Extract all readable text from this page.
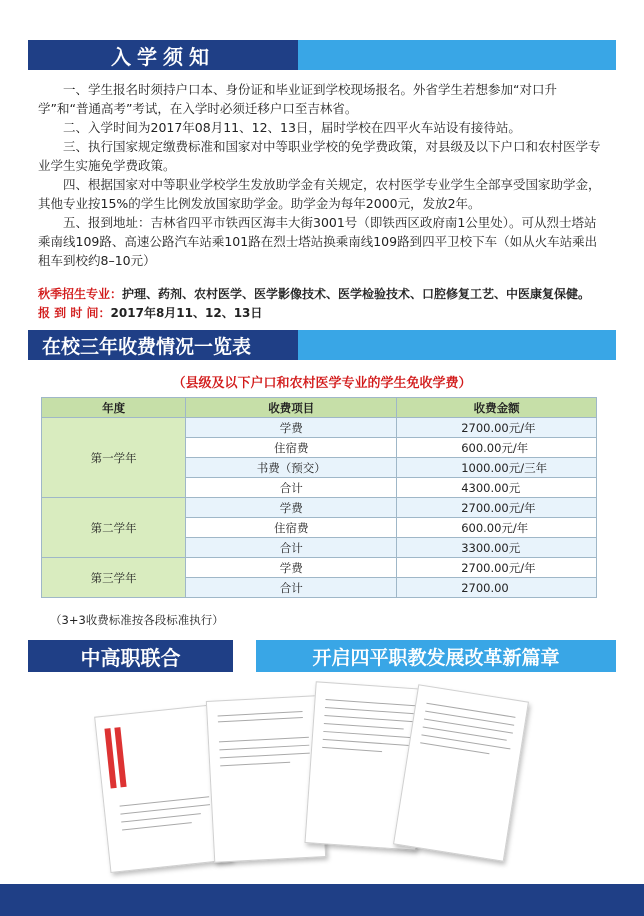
入学须知

一、学生报名时须持户口本、身份证和毕业证到学校现场报名。外省学生若想参加“对口升学”和“普通高考”考试，在入学时必须迁移户口至吉林省。

二、入学时间为2017年08月11、12、13日，届时学校在四平火车站设有接待站。

三、执行国家规定缴费标准和国家对中等职业学校的免学费政策，对县级及以下户口和农村医学专业学生实施免学费政策。

四、根据国家对中等职业学校学生发放助学金有关规定，农村医学专业学生全部享受国家助学金，其他专业按15%的学生比例发放国家助学金。助学金为每年2000元，发放2年。

五、报到地址：吉林省四平市铁西区海丰大街3001号（即铁西区政府南1公里处）。可从烈士塔站乘南线109路、高速公路汽车站乘101路在烈士塔站换乘南线109路到四平卫校下车（如从火车站乘出租车到校约8–10元）

秋季招生专业：护理、药剂、农村医学、医学影像技术、医学检验技术、口腔修复工艺、中医康复保健。
报 到 时 间：2017年8月11、12、13日
在校三年收费情况一览表
（县级及以下户口和农村医学专业的学生免收学费）
年度	收费项目	收费金额
第一学年	学费	2700.00元/年
	住宿费	600.00元/年
	书费（预交）	1000.00元/三年
	合计	4300.00元
第二学年	学费	2700.00元/年
	住宿费	600.00元/年
	合计	3300.00元
第三学年	学费	2700.00元/年
	合计	2700.00
（3+3收费标准按各段标准执行）
中高职联合	开启四平职教发展改革新篇章
